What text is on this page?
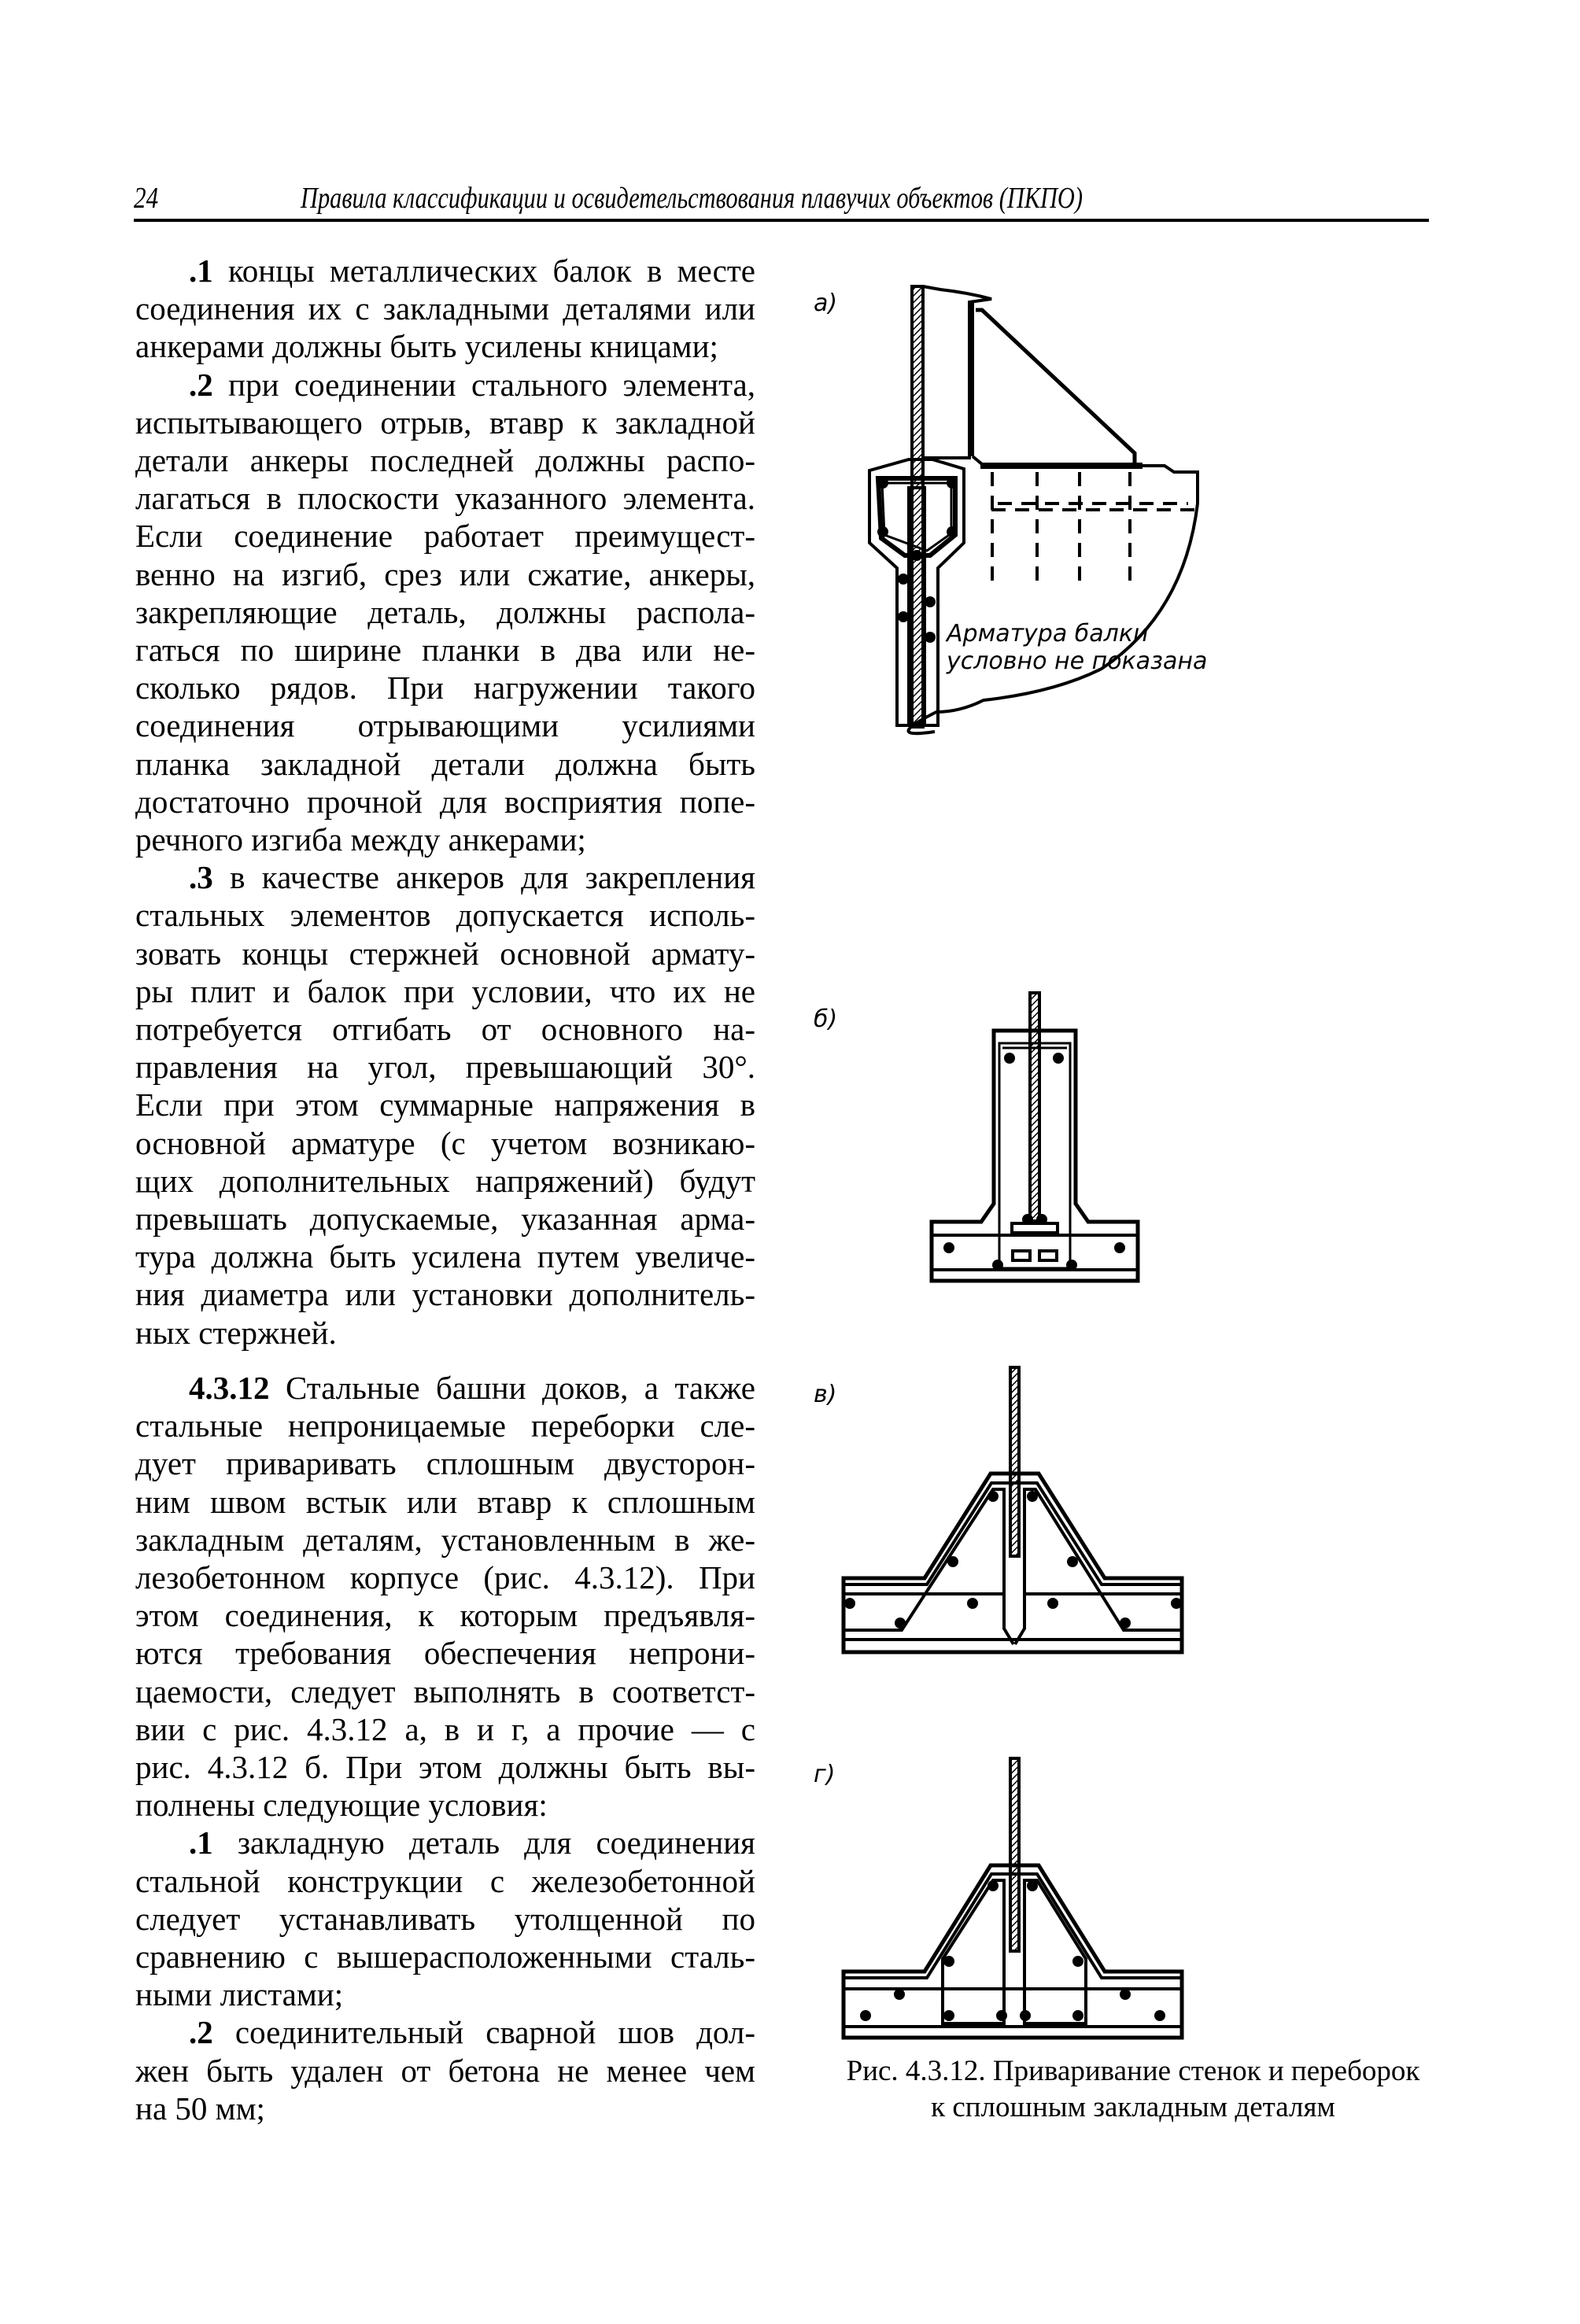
24	Правила классификации и освидетельствования плавучих объектов (ПКПО)
.1 концы металлических балок в месте
соединения их с закладными деталями или
анкерами должны быть усилены кницами;
.2 при соединении стального элемента,
испытывающего отрыв, втавр к закладной
детали анкеры последней должны распо-
лагаться в плоскости указанного элемента.
Если соединение работает преимущест-
венно на изгиб, срез или сжатие, анкеры,
закрепляющие деталь, должны распола-
гаться по ширине планки в два или не-
сколько рядов. При нагружении такого
соединения отрывающими усилиями
планка закладной детали должна быть
достаточно прочной для восприятия попе-
речного изгиба между анкерами;
.3 в качестве анкеров для закрепления
стальных элементов допускается исполь-
зовать концы стержней основной армату-
ры плит и балок при условии, что их не
потребуется отгибать от основного на-
правления на угол, превышающий 30°.
Если при этом суммарные напряжения в
основной арматуре (с учетом возникаю-
щих дополнительных напряжений) будут
превышать допускаемые, указанная арма-
тура должна быть усилена путем увеличе-
ния диаметра или установки дополнитель-
ных стержней.
4.3.12 Стальные башни доков, а также
стальные непроницаемые переборки сле-
дует приваривать сплошным двусторон-
ним швом встык или втавр к сплошным
закладным деталям, установленным в же-
лезобетонном корпусе (рис. 4.3.12). При
этом соединения, к которым предъявля-
ются требования обеспечения непрони-
цаемости, следует выполнять в соответст-
вии с рис. 4.3.12 а, в и г, а прочие — с
рис. 4.3.12 б. При этом должны быть вы-
полнены следующие условия:
.1 закладную деталь для соединения
стальной конструкции с железобетонной
следует устанавливать утолщенной по
сравнению с вышерасположенными сталь-
ными листами;
.2 соединительный сварной шов дол-
жен быть удален от бетона не менее чем
на 50 мм;
а)
б)
в)
г)
Арматура балки
условно не показана
Рис. 4.3.12. Приваривание стенок и переборок
к сплошным закладным деталям
